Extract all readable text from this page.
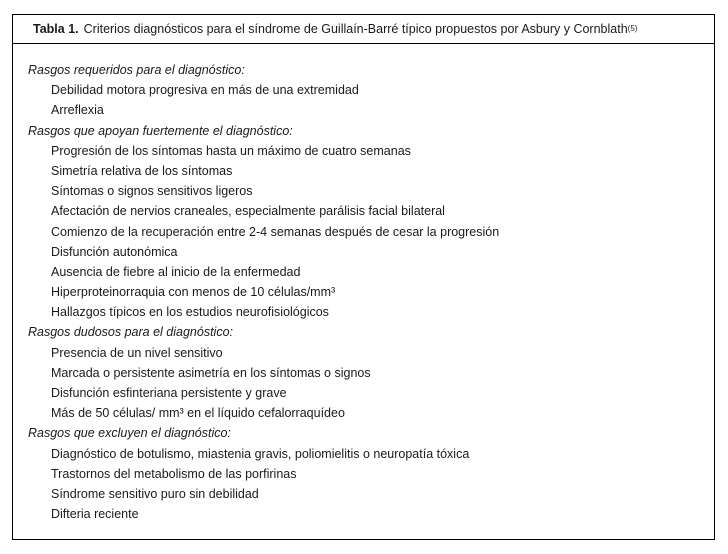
Tabla 1. Criterios diagnósticos para el síndrome de Guillaín-Barré típico propuestos por Asbury y Cornblath (5)
Rasgos requeridos para el diagnóstico:
Debilidad motora progresiva en más de una extremidad
Arreflexia
Rasgos que apoyan fuertemente el diagnóstico:
Progresión de los síntomas hasta un máximo de cuatro semanas
Simetría relativa de los síntomas
Síntomas o signos sensitivos ligeros
Afectación de nervios craneales, especialmente parálisis facial bilateral
Comienzo de la recuperación entre 2-4 semanas después de cesar la progresión
Disfunción autonómica
Ausencia de fiebre al inicio de la enfermedad
Hiperproteinorraquia con menos de 10 células/mm³
Hallazgos típicos en los estudios neurofisiológicos
Rasgos dudosos para el diagnóstico:
Presencia de un nivel sensitivo
Marcada o persistente asimetría en los síntomas o signos
Disfunción esfinteriana persistente y grave
Más de 50 células/ mm³ en el líquido cefalorraquídeo
Rasgos que excluyen el diagnóstico:
Diagnóstico de botulismo, miastenia gravis, poliomielitis o neuropatía tóxica
Trastornos del metabolismo de las porfirinas
Síndrome sensitivo puro sin debilidad
Difteria reciente
